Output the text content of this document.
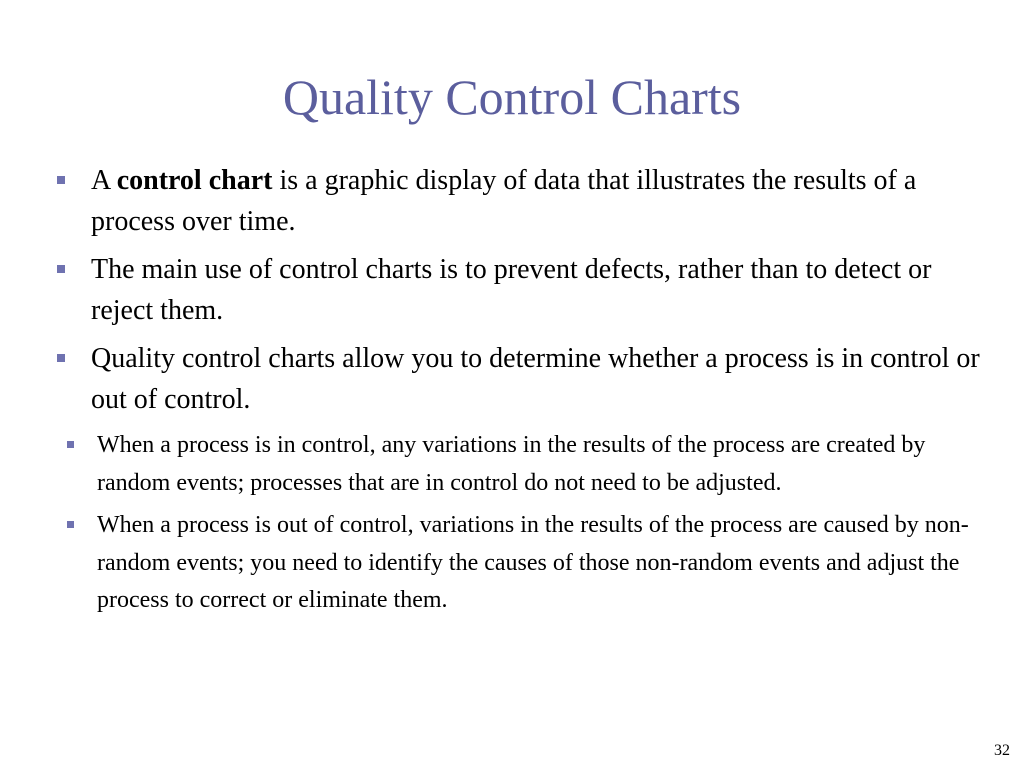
Quality Control Charts
A control chart is a graphic display of data that illustrates the results of a process over time.
The main use of control charts is to prevent defects, rather than to detect or reject them.
Quality control charts allow you to determine whether a process is in control or out of control.
When a process is in control, any variations in the results of the process are created by random events; processes that are in control do not need to be adjusted.
When a process is out of control, variations in the results of the process are caused by non-random events; you need to identify the causes of those non-random events and adjust the process to correct or eliminate them.
32
